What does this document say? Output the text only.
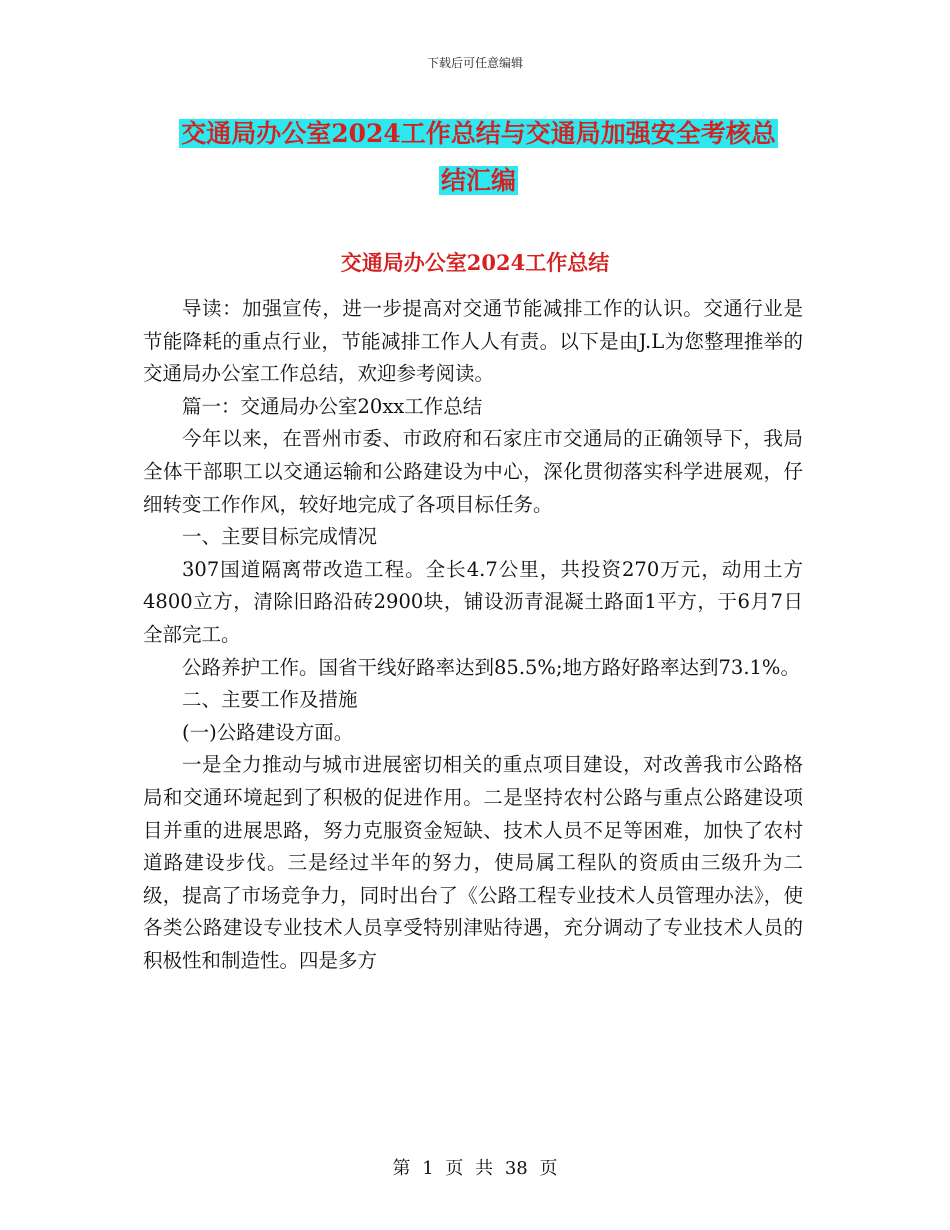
下载后可任意编辑
交通局办公室2024工作总结与交通局加强安全考核总
结汇编
交通局办公室2024工作总结

导读：加强宣传，进一步提高对交通节能减排工作的认识。交通行业是节能降耗的重点行业，节能减排工作人人有责。以下是由J.L为您整理推举的交通局办公室工作总结，欢迎参考阅读。

篇一：交通局办公室20xx工作总结

今年以来，在晋州市委、市政府和石家庄市交通局的正确领导下，我局全体干部职工以交通运输和公路建设为中心，深化贯彻落实科学进展观，仔细转变工作作风，较好地完成了各项目标任务。

一、主要目标完成情况

307国道隔离带改造工程。全长4.7公里，共投资270万元，动用土方4800立方，清除旧路沿砖2900块，铺设沥青混凝土路面1平方，于6月7日全部完工。

公路养护工作。国省干线好路率达到85.5%;地方路好路率达到73.1%。

二、主要工作及措施

(一)公路建设方面。

一是全力推动与城市进展密切相关的重点项目建设，对改善我市公路格局和交通环境起到了积极的促进作用。二是坚持农村公路与重点公路建设项目并重的进展思路，努力克服资金短缺、技术人员不足等困难，加快了农村道路建设步伐。三是经过半年的努力，使局属工程队的资质由三级升为二级，提高了市场竞争力，同时出台了《公路工程专业技术人员管理办法》，使各类公路建设专业技术人员享受特别津贴待遇，充分调动了专业技术人员的积极性和制造性。四是多方

第 1 页 共 38 页
